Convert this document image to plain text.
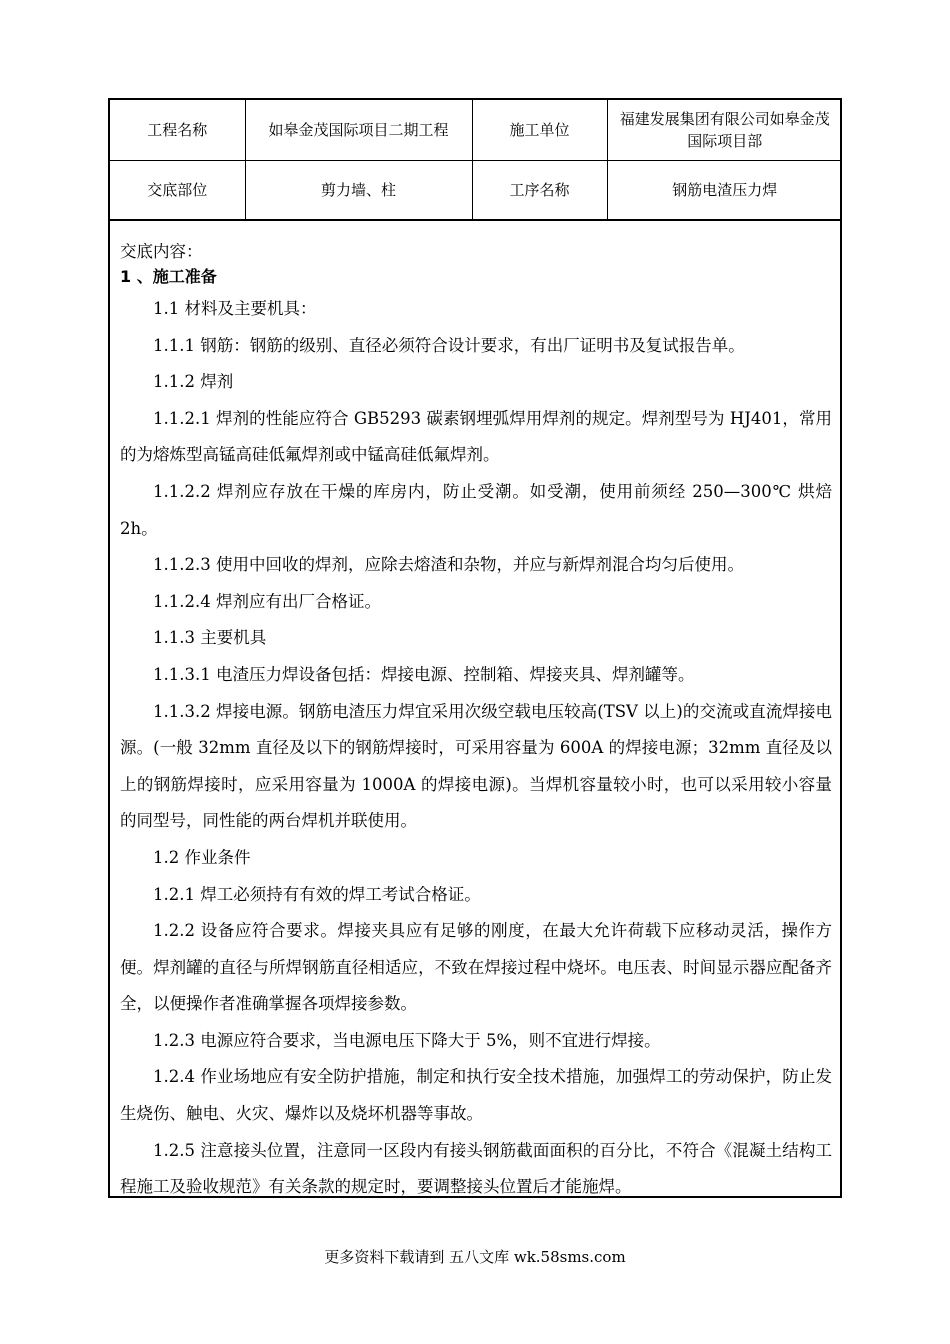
工程名称	如皋金茂国际项目二期工程	施工单位	福建发展集团有限公司如皋金茂国际项目部
交底部位	剪力墙、柱	工序名称	钢筋电渣压力焊
交底内容：
1 、施工准备

1.1 材料及主要机具：

1.1.1 钢筋：钢筋的级别、直径必须符合设计要求，有出厂证明书及复试报告单。

1.1.2 焊剂

1.1.2.1 焊剂的性能应符合 GB5293 碳素钢埋弧焊用焊剂的规定。焊剂型号为 HJ401，常用的为熔炼型高锰高硅低氟焊剂或中锰高硅低氟焊剂。

1.1.2.2 焊剂应存放在干燥的库房内，防止受潮。如受潮，使用前须经 250—300℃ 烘焙 2h。

1.1.2.3 使用中回收的焊剂，应除去熔渣和杂物，并应与新焊剂混合均匀后使用。

1.1.2.4 焊剂应有出厂合格证。

1.1.3 主要机具

1.1.3.1 电渣压力焊设备包括：焊接电源、控制箱、焊接夹具、焊剂罐等。

1.1.3.2 焊接电源。钢筋电渣压力焊宜采用次级空载电压较高(TSV 以上)的交流或直流焊接电源。(一般 32mm 直径及以下的钢筋焊接时，可采用容量为 600A 的焊接电源；32mm 直径及以上的钢筋焊接时，应采用容量为 1000A 的焊接电源)。当焊机容量较小时，也可以采用较小容量的同型号，同性能的两台焊机并联使用。

1.2 作业条件

1.2.1 焊工必须持有有效的焊工考试合格证。

1.2.2 设备应符合要求。焊接夹具应有足够的刚度，在最大允许荷载下应移动灵活，操作方便。焊剂罐的直径与所焊钢筋直径相适应，不致在焊接过程中烧坏。电压表、时间显示器应配备齐全，以便操作者准确掌握各项焊接参数。

1.2.3 电源应符合要求，当电源电压下降大于 5%，则不宜进行焊接。

1.2.4 作业场地应有安全防护措施，制定和执行安全技术措施，加强焊工的劳动保护，防止发生烧伤、触电、火灾、爆炸以及烧坏机器等事故。

1.2.5 注意接头位置，注意同一区段内有接头钢筋截面面积的百分比，不符合《混凝土结构工程施工及验收规范》有关条款的规定时，要调整接头位置后才能施焊。

更多资料下载请到 五八文库 wk.58sms.com
